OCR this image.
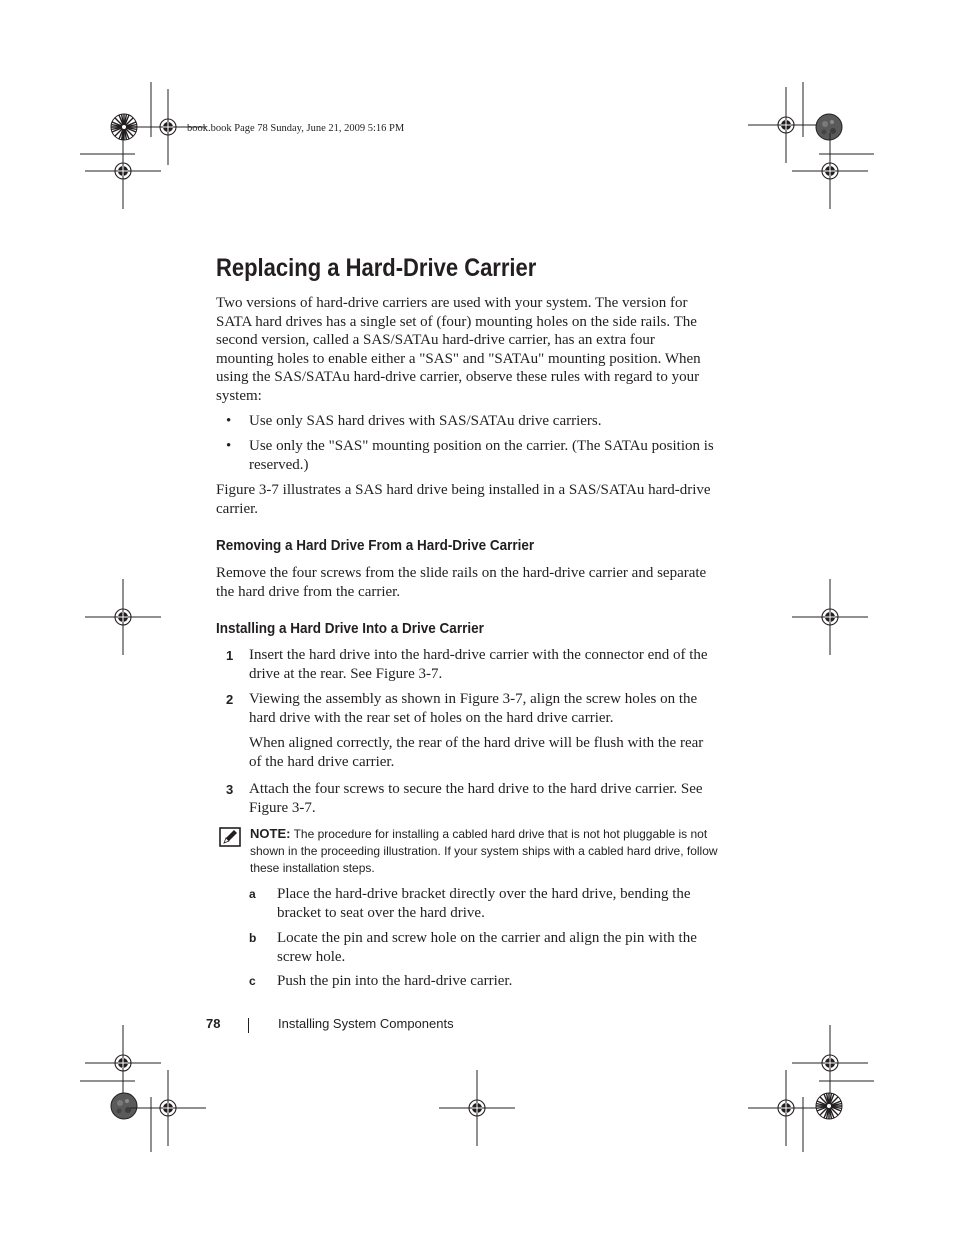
book.book Page 78 Sunday, June 21, 2009 5:16 PM
Replacing a Hard-Drive Carrier

Two versions of hard-drive carriers are used with your system. The version for SATA hard drives has a single set of (four) mounting holes on the side rails. The second version, called a SAS/SATAu hard-drive carrier, has an extra four mounting holes to enable either a "SAS" and "SATAu" mounting position. When using the SAS/SATAu hard-drive carrier, observe these rules with regard to your system:

• Use only SAS hard drives with SAS/SATAu drive carriers.
• Use only the "SAS" mounting position on the carrier. (The SATAu position is reserved.)

Figure 3-7 illustrates a SAS hard drive being installed in a SAS/SATAu hard-drive carrier.

Removing a Hard Drive From a Hard-Drive Carrier

Remove the four screws from the slide rails on the hard-drive carrier and separate the hard drive from the carrier.

Installing a Hard Drive Into a Drive Carrier
1 Insert the hard drive into the hard-drive carrier with the connector end of the drive at the rear. See Figure 3-7.
2 Viewing the assembly as shown in Figure 3-7, align the screw holes on the hard drive with the rear set of holes on the hard drive carrier.
When aligned correctly, the rear of the hard drive will be flush with the rear of the hard drive carrier.
3 Attach the four screws to secure the hard drive to the hard drive carrier. See Figure 3-7.
NOTE: The procedure for installing a cabled hard drive that is not hot pluggable is not shown in the proceeding illustration. If your system ships with a cabled hard drive, follow these installation steps.
a Place the hard-drive bracket directly over the hard drive, bending the bracket to seat over the hard drive.
b Locate the pin and screw hole on the carrier and align the pin with the screw hole.
c Push the pin into the hard-drive carrier.
78	Installing System Components
